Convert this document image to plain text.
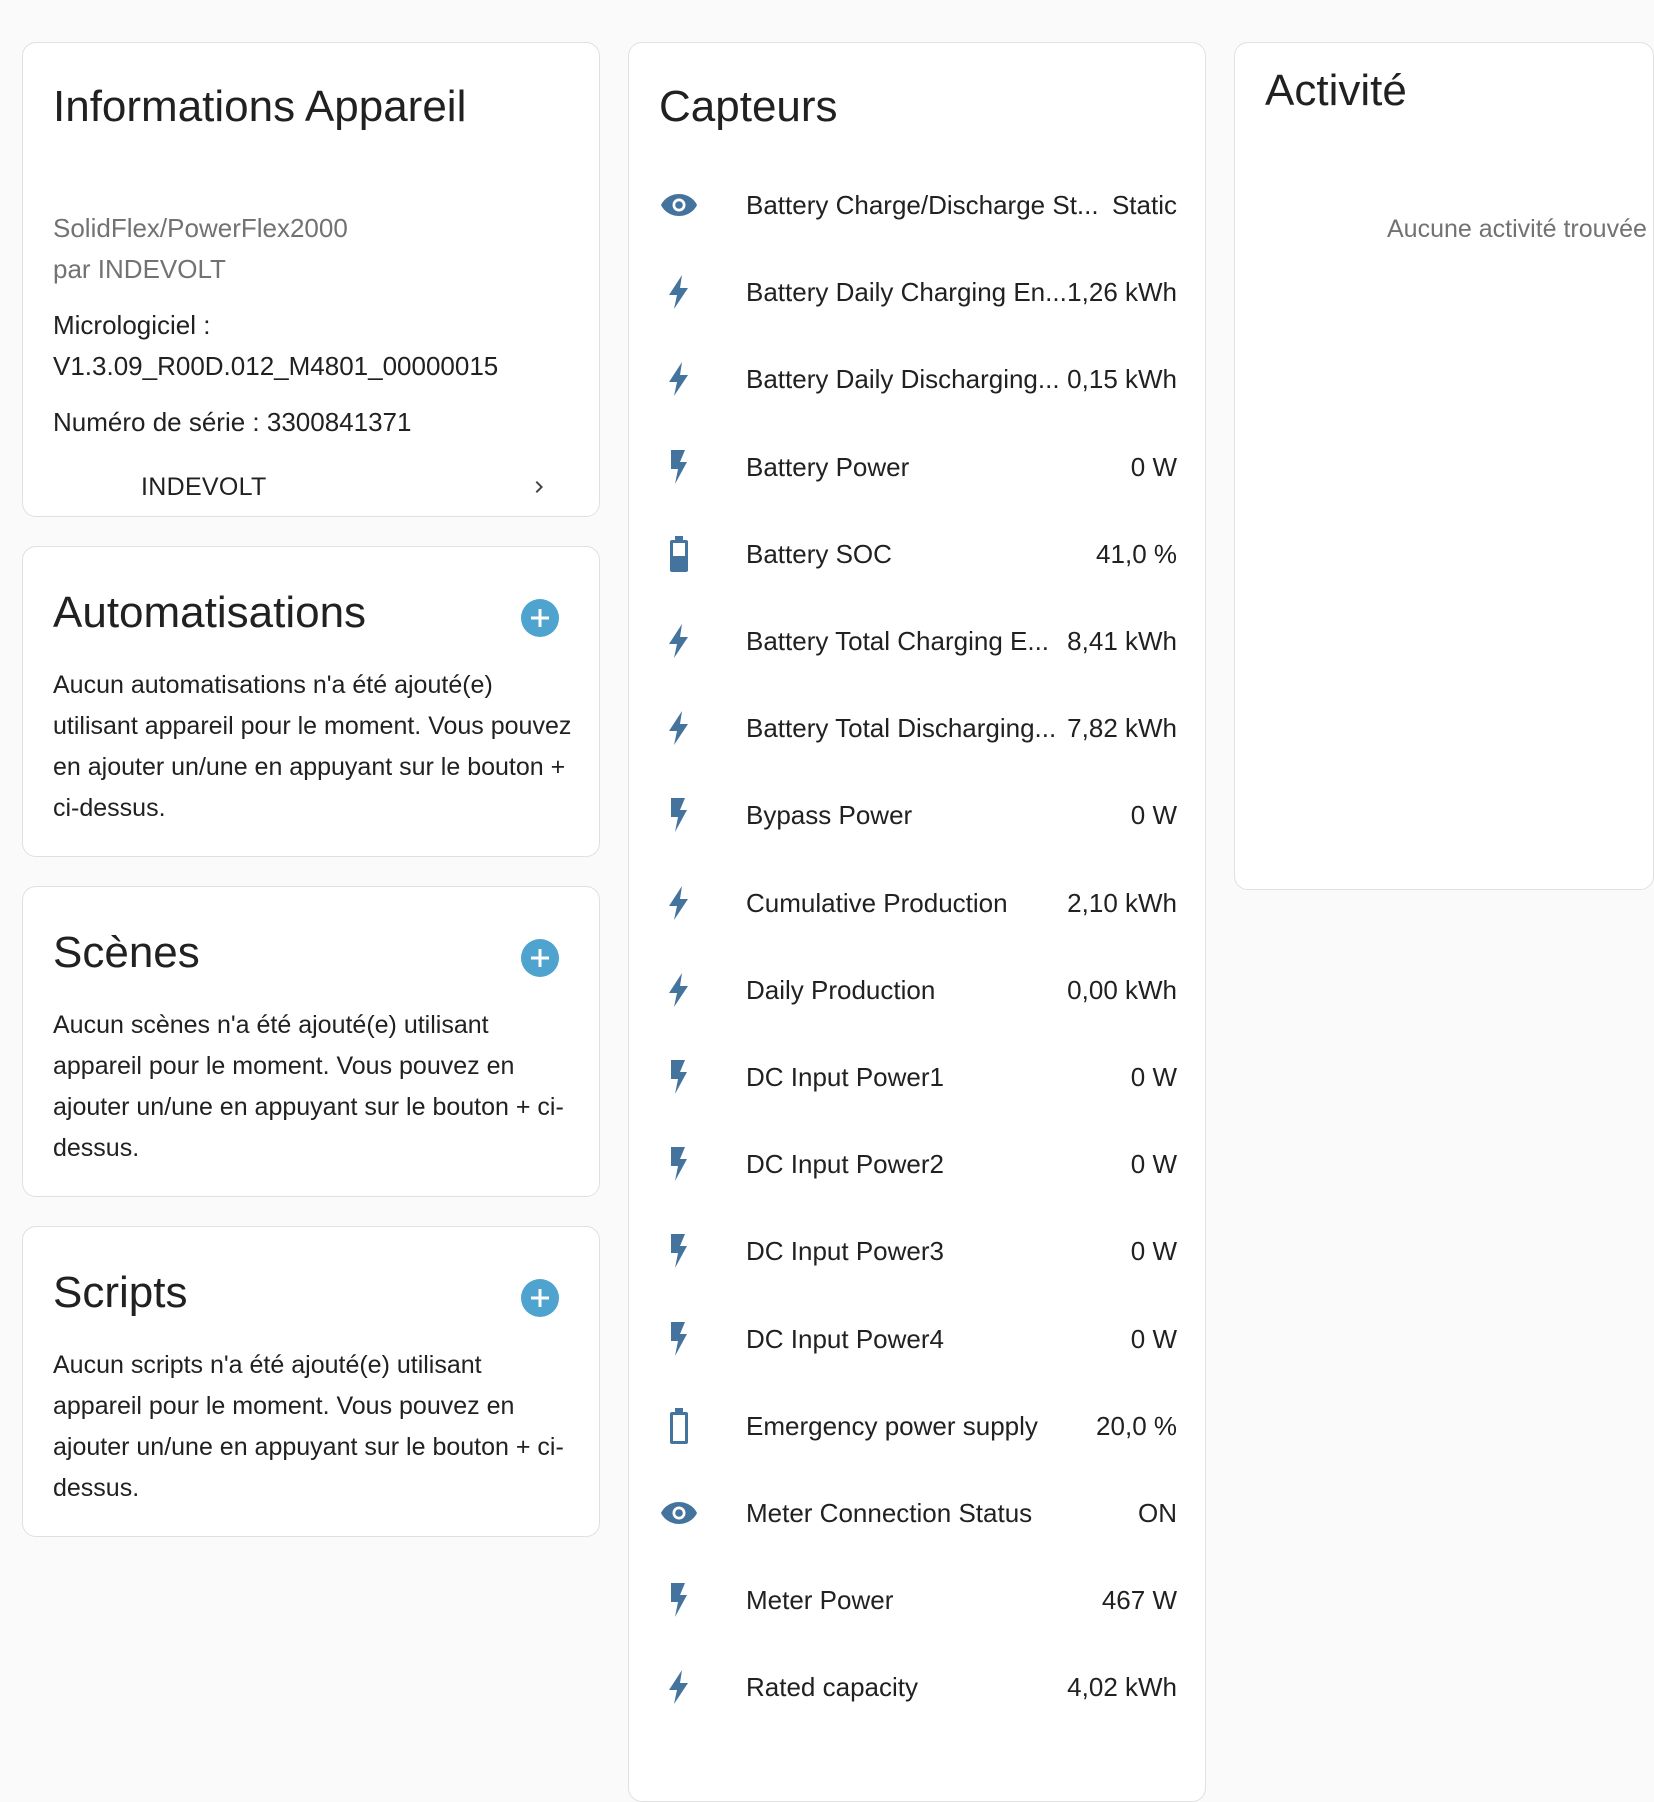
Informations Appareil
SolidFlex/PowerFlex2000
par INDEVOLT
Micrologiciel :
V1.3.09_R00D.012_M4801_00000015
Numéro de série : 3300841371
INDEVOLT
Automatisations
Aucun automatisations n'a été ajouté(e) utilisant appareil pour le moment. Vous pouvez en ajouter un/une en appuyant sur le bouton + ci-dessus.
Scènes
Aucun scènes n'a été ajouté(e) utilisant appareil pour le moment. Vous pouvez en ajouter un/une en appuyant sur le bouton + ci-dessus.
Scripts
Aucun scripts n'a été ajouté(e) utilisant appareil pour le moment. Vous pouvez en ajouter un/une en appuyant sur le bouton + ci-dessus.
Capteurs
Battery Charge/Discharge St... Static
Battery Daily Charging En... 1,26 kWh
Battery Daily Discharging... 0,15 kWh
Battery Power	0 W
Battery SOC	41,0 %
Battery Total Charging E... 8,41 kWh
Battery Total Discharging... 7,82 kWh
Bypass Power	0 W
Cumulative Production	2,10 kWh
Daily Production	0,00 kWh
DC Input Power1	0 W
DC Input Power2	0 W
DC Input Power3	0 W
DC Input Power4	0 W
Emergency power supply	20,0 %
Meter Connection Status	ON
Meter Power	467 W
Rated capacity	4,02 kWh
Activité
Aucune activité trouvée
